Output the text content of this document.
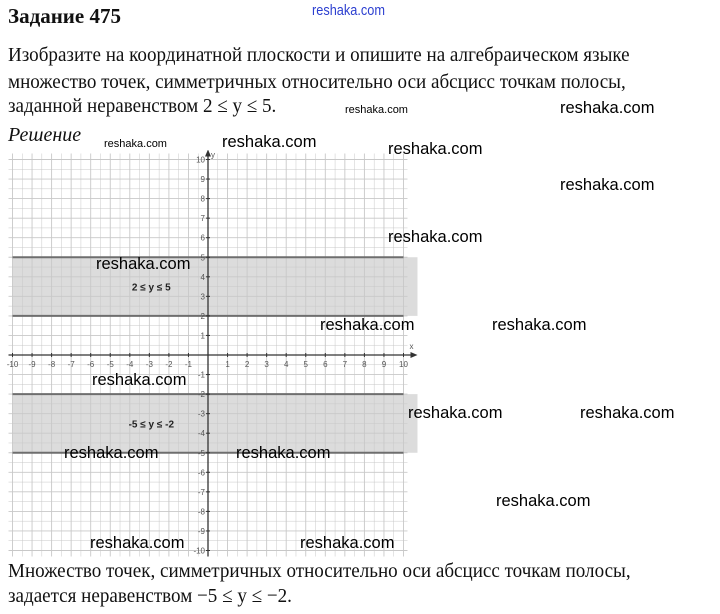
reshaka.com
Задание 475
Изобразите на координатной плоскости и опишите на алгебраическом языке
множество точек, симметричных относительно оси абсцисс точкам полосы,
заданной неравенством 2 ≤ y ≤ 5.
Решение
x
y
-10 -9 -8 -7 -6 -5 -4 -3 -2 -1	1 2 3 4 5 6 7 8 9 10
-10
-9
-8
-7
-6
-5
-4
-3
-2
-1
1
2
3
4
5
6
7
8
9
10
2 ≤ y ≤ 5
-5 ≤ y ≤ -2
Множество точек, симметричных относительно оси абсцисс точкам полосы,
задается неравенством −5 ≤ y ≤ −2.
reshaka.com	reshaka.com
reshaka.com	reshaka.com	reshaka.com
reshaka.com
reshaka.com
reshaka.com
reshaka.com	reshaka.com
reshaka.com
reshaka.com	reshaka.com
reshaka.com	reshaka.com
reshaka.com
reshaka.com	reshaka.com
